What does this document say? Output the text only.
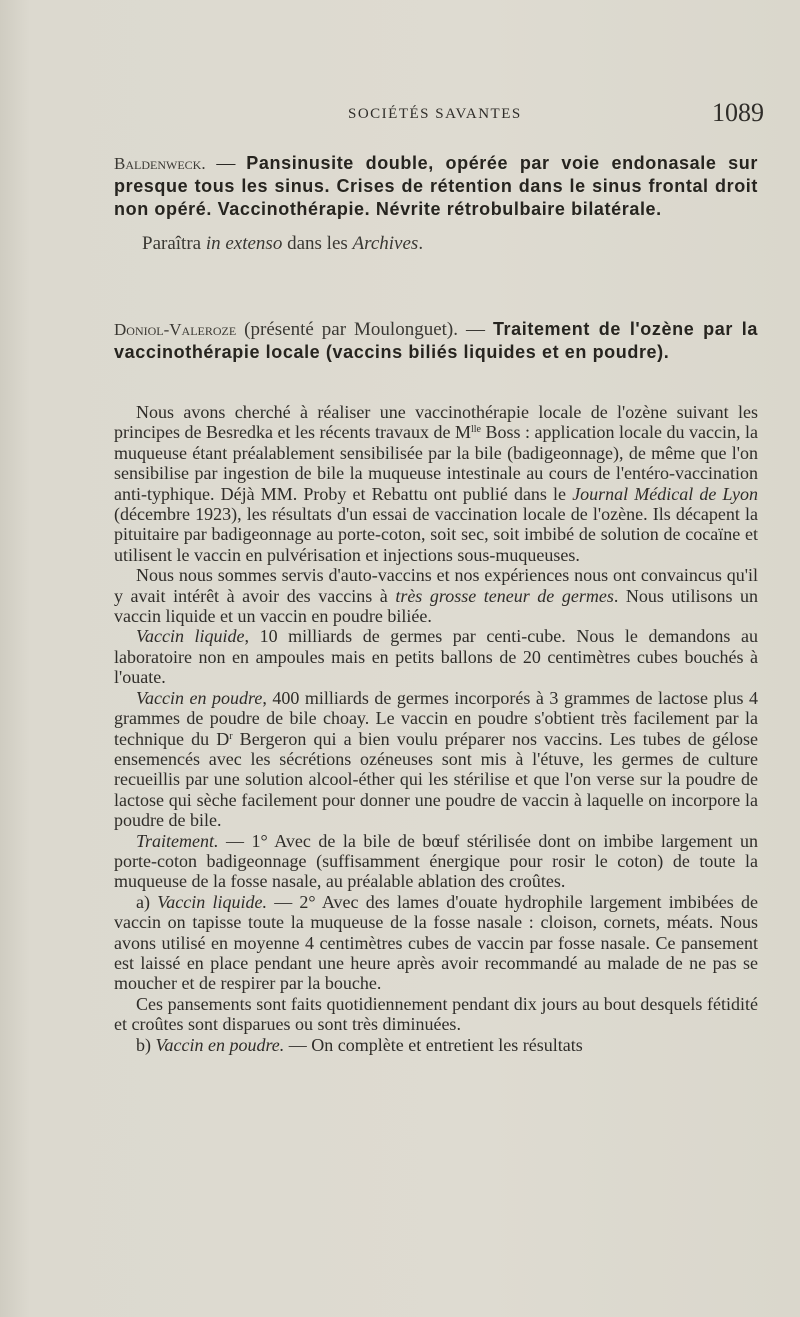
SOCIÉTÉS SAVANTES	1089

Baldenweck. — Pansinusite double, opérée par voie endonasale sur presque tous les sinus. Crises de rétention dans le sinus frontal droit non opéré. Vaccinothérapie. Névrite rétrobulbaire bilatérale.

Paraîtra in extenso dans les Archives.

Doniol-Valeroze (présenté par Moulonguet). — Traitement de l'ozène par la vaccinothérapie locale (vaccins biliés liquides et en poudre).

Nous avons cherché à réaliser une vaccinothérapie locale de l'ozène suivant les principes de Besredka et les récents travaux de $M^{lle}$ Boss : application locale du vaccin, la muqueuse étant préalablement sensibilisée par la bile (badigeonnage), de même que l'on sensibilise par ingestion de bile la muqueuse intestinale au cours de l'entéro-vaccination anti-typhique. Déjà MM. Proby et Rebattu ont publié dans le Journal Médical de Lyon (décembre 1923), les résultats d'un essai de vaccination locale de l'ozène. Ils décapent la pituitaire par badigeonnage au porte-coton, soit sec, soit imbibé de solution de cocaïne et utilisent le vaccin en pulvérisation et injections sous-muqueuses.

Nous nous sommes servis d'auto-vaccins et nos expériences nous ont convaincus qu'il y avait intérêt à avoir des vaccins à très grosse teneur de germes. Nous utilisons un vaccin liquide et un vaccin en poudre biliée.

Vaccin liquide, 10 milliards de germes par centi-cube. Nous le demandons au laboratoire non en ampoules mais en petits ballons de 20 centimètres cubes bouchés à l'ouate.

Vaccin en poudre, 400 milliards de germes incorporés à 3 grammes de lactose plus 4 grammes de poudre de bile choay. Le vaccin en poudre s'obtient très facilement par la technique du $D^r$ Bergeron qui a bien voulu préparer nos vaccins. Les tubes de gélose ensemencés avec les sécrétions ozéneuses sont mis à l'étuve, les germes de culture recueillis par une solution alcool-éther qui les stérilise et que l'on verse sur la poudre de lactose qui sèche facilement pour donner une poudre de vaccin à laquelle on incorpore la poudre de bile.

Traitement. — 1° Avec de la bile de bœuf stérilisée dont on imbibe largement un porte-coton badigeonnage (suffisamment énergique pour rosir le coton) de toute la muqueuse de la fosse nasale, au préalable ablation des croûtes.

a) Vaccin liquide. — 2° Avec des lames d'ouate hydrophile largement imbibées de vaccin on tapisse toute la muqueuse de la fosse nasale : cloison, cornets, méats. Nous avons utilisé en moyenne 4 centimètres cubes de vaccin par fosse nasale. Ce pansement est laissé en place pendant une heure après avoir recommandé au malade de ne pas se moucher et de respirer par la bouche.

Ces pansements sont faits quotidiennement pendant dix jours au bout desquels fétidité et croûtes sont disparues ou sont très diminuées.

b) Vaccin en poudre. — On complète et entretient les résultats
